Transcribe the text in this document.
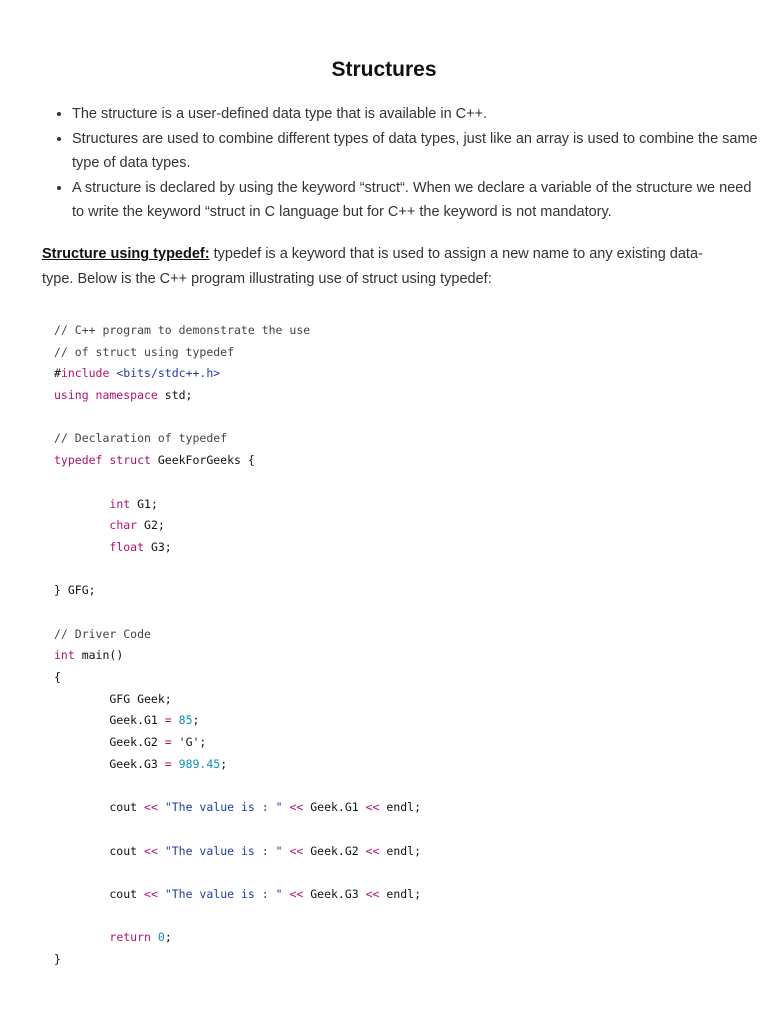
Structures
• The structure is a user-defined data type that is available in C++.
• Structures are used to combine different types of data types, just like an array is used to combine the same type of data types.
• A structure is declared by using the keyword “struct“. When we declare a variable of the structure we need to write the keyword “struct in C language but for C++ the keyword is not mandatory.

Structure using typedef: typedef is a keyword that is used to assign a new name to any existing data-type. Below is the C++ program illustrating use of struct using typedef:

// C++ program to demonstrate the use
// of struct using typedef
#include <bits/stdc++.h>
using namespace std;
// Declaration of typedef
typedef struct GeekForGeeks {
int G1;
char G2;
float G3;
} GFG;
// Driver Code
int main()
{
GFG Geek;
Geek.G1 = 85;
Geek.G2 = 'G';
Geek.G3 = 989.45;
cout << "The value is : " << Geek.G1 << endl;
cout << "The value is : " << Geek.G2 << endl;
cout << "The value is : " << Geek.G3 << endl;
return 0;
}
